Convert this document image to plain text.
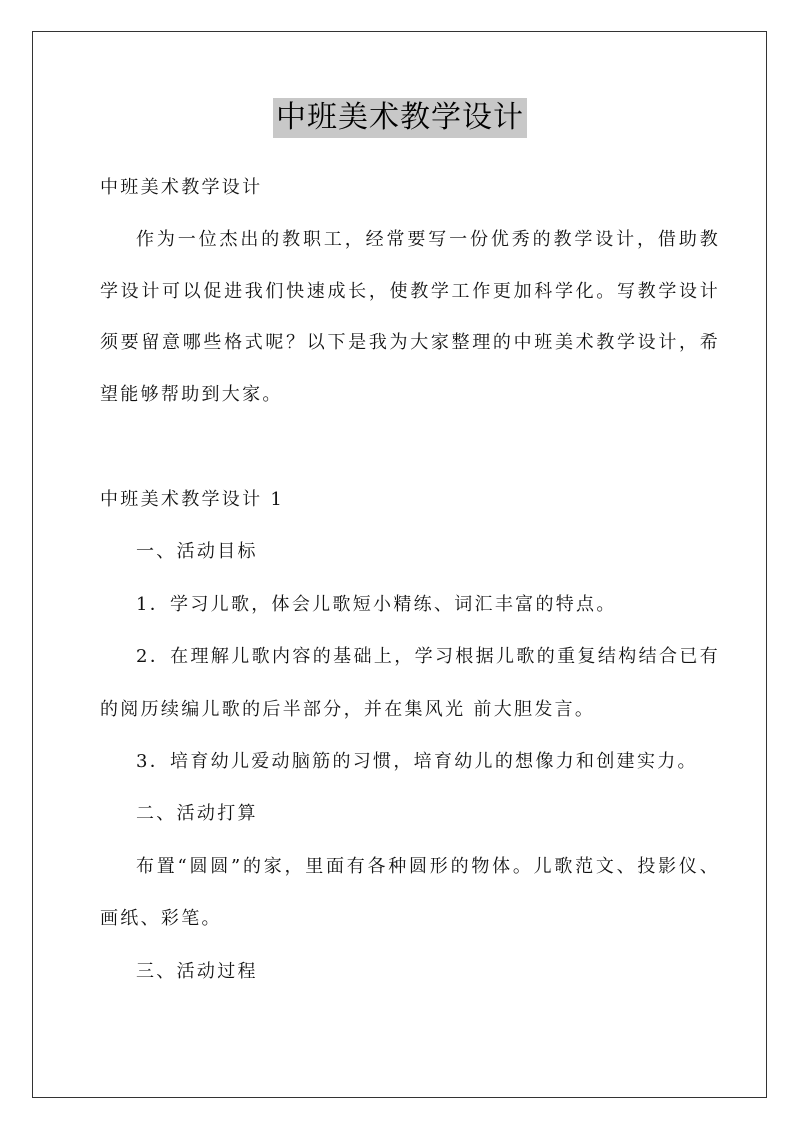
中班美术教学设计
中班美术教学设计
作为一位杰出的教职工，经常要写一份优秀的教学设计，借助教
学设计可以促进我们快速成长，使教学工作更加科学化。写教学设计
须要留意哪些格式呢？以下是我为大家整理的中班美术教学设计，希
望能够帮助到大家。
中班美术教学设计 1
一、活动目标
1．学习儿歌，体会儿歌短小精练、词汇丰富的特点。
2．在理解儿歌内容的基础上，学习根据儿歌的重复结构结合已有
的阅历续编儿歌的后半部分，并在集风光 前大胆发言。
3．培育幼儿爱动脑筋的习惯，培育幼儿的想像力和创建实力。
二、活动打算
布置“圆圆”的家，里面有各种圆形的物体。儿歌范文、投影仪、
画纸、彩笔。
三、活动过程
